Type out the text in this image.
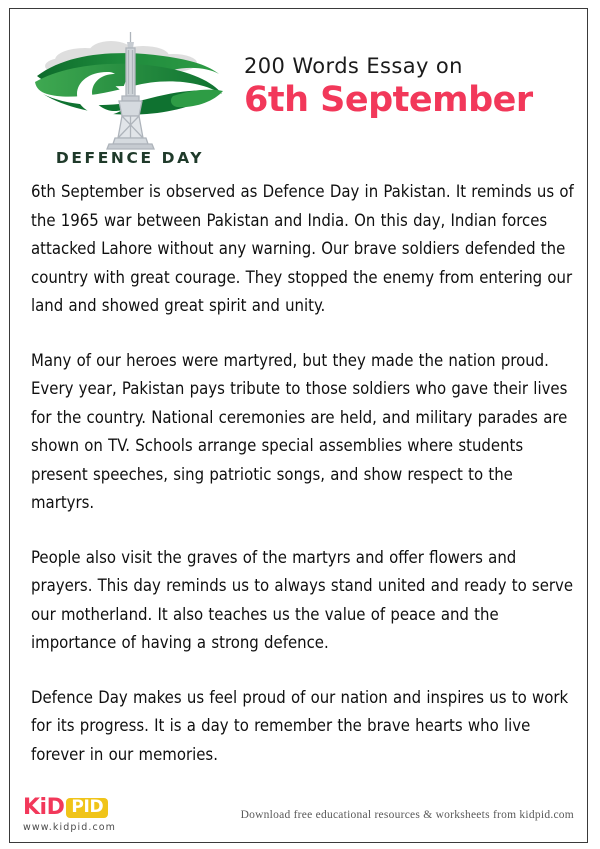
DEFENCE DAY
200 Words Essay on
6th September

6th September is observed as Defence Day in Pakistan. It reminds us of the 1965 war between Pakistan and India. On this day, Indian forces attacked Lahore without any warning. Our brave soldiers defended the country with great courage. They stopped the enemy from entering our land and showed great spirit and unity.

Many of our heroes were martyred, but they made the nation proud. Every year, Pakistan pays tribute to those soldiers who gave their lives for the country. National ceremonies are held, and military parades are shown on TV. Schools arrange special assemblies where students present speeches, sing patriotic songs, and show respect to the martyrs.

People also visit the graves of the martyrs and offer flowers and prayers. This day reminds us to always stand united and ready to serve our motherland. It also teaches us the value of peace and the importance of having a strong defence.

Defence Day makes us feel proud of our nation and inspires us to work for its progress. It is a day to remember the brave hearts who live forever in our memories.

KiD PID
www.kidpid.com
Download free educational resources & worksheets from kidpid.com
